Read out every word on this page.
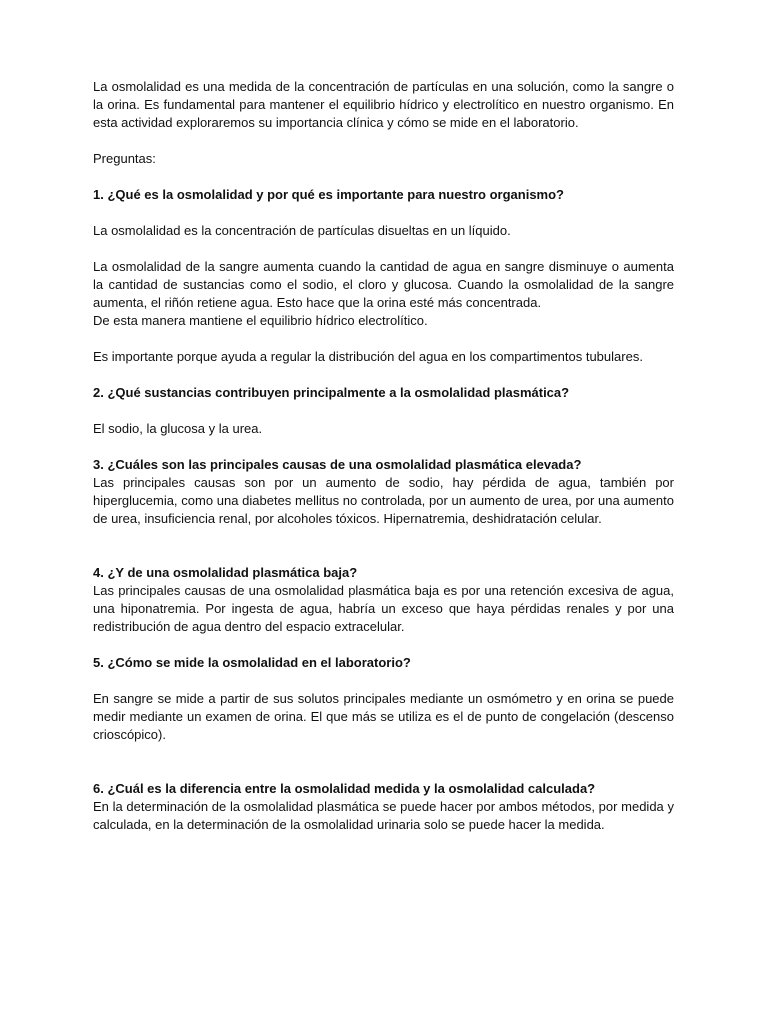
La osmolalidad es una medida de la concentración de partículas en una solución, como la sangre o la orina. Es fundamental para mantener el equilibrio hídrico y electrolítico en nuestro organismo. En esta actividad exploraremos su importancia clínica y cómo se mide en el laboratorio.

Preguntas:

1. ¿Qué es la osmolalidad y por qué es importante para nuestro organismo?

La osmolalidad es la concentración de partículas disueltas en un líquido.

La osmolalidad de la sangre aumenta cuando la cantidad de agua en sangre disminuye o aumenta la cantidad de sustancias como el sodio, el cloro y glucosa. Cuando la osmolalidad de la sangre aumenta, el riñón retiene agua. Esto hace que la orina esté más concentrada.

De esta manera mantiene el equilibrio hídrico electrolítico.

Es importante porque ayuda a regular la distribución del agua en los compartimentos tubulares.

2. ¿Qué sustancias contribuyen principalmente a la osmolalidad plasmática?

El sodio, la glucosa y la urea.

3. ¿Cuáles son las principales causas de una osmolalidad plasmática elevada?

Las principales causas son por un aumento de sodio, hay pérdida de agua, también por hiperglucemia, como una diabetes mellitus no controlada, por un aumento de urea, por una aumento de urea, insuficiencia renal, por alcoholes tóxicos. Hipernatremia, deshidratación celular.

4. ¿Y de una osmolalidad plasmática baja?

Las principales causas de una osmolalidad plasmática baja es por una retención excesiva de agua, una hiponatremia. Por ingesta de agua, habría un exceso que haya pérdidas renales y por una redistribución de agua dentro del espacio extracelular.

5. ¿Cómo se mide la osmolalidad en el laboratorio?

En sangre se mide a partir de sus solutos principales mediante un osmómetro y en orina se puede medir mediante un examen de orina. El que más se utiliza es el de punto de congelación (descenso crioscópico).

6. ¿Cuál es la diferencia entre la osmolalidad medida y la osmolalidad calculada?

En la determinación de la osmolalidad plasmática se puede hacer por ambos métodos, por medida y calculada, en la determinación de la osmolalidad urinaria solo se puede hacer la medida.
